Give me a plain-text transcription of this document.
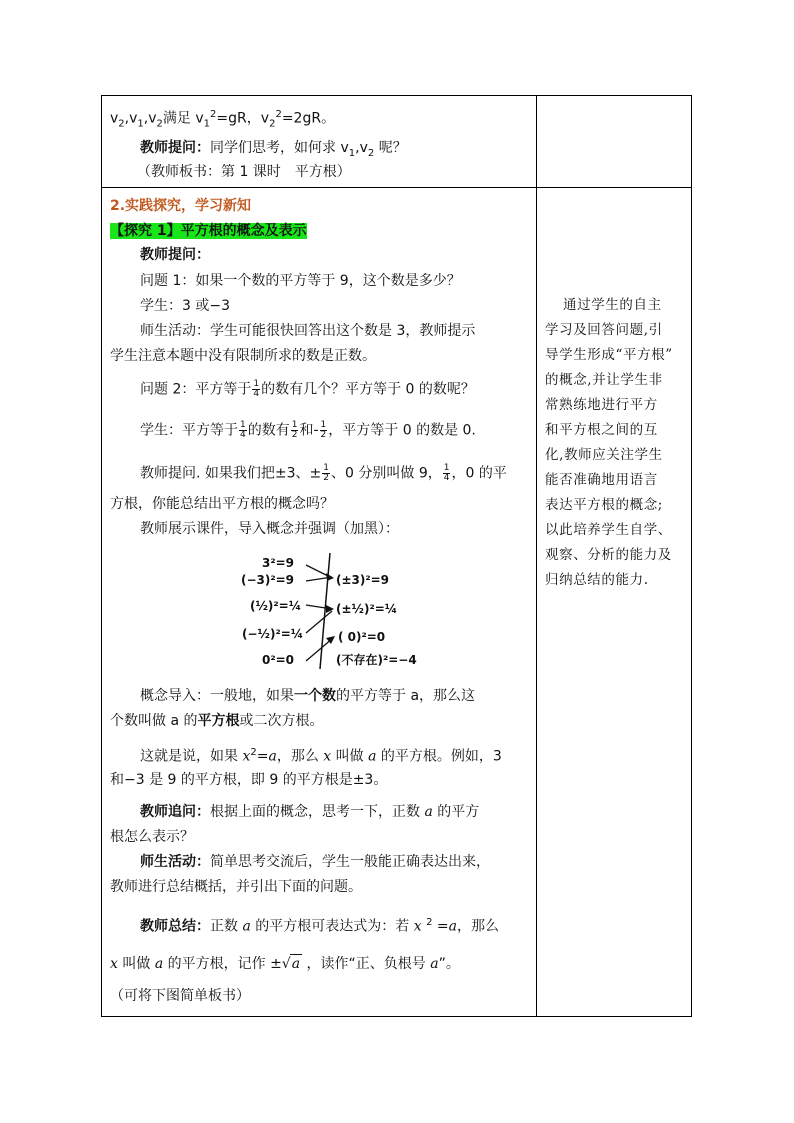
$v_2,v_1,v_2$满足 $v_1^2=gR$，$v_2^2=2gR$。
教师提问：同学们思考，如何求 $v_1,v_2$ 呢？
（教师板书：第 1 课时　平方根）
2.实践探究，学习新知
【探究 1】平方根的概念及表示
教师提问：
问题 1：如果一个数的平方等于 9，这个数是多少？
学生：3 或−3
师生活动：学生可能很快回答出这个数是 3，教师提示
学生注意本题中没有限制所求的数是正数。
问题 2：平方等于 $\frac{1}{4}$ 的数有几个？平方等于 0 的数呢？
学生：平方等于 $\frac{1}{4}$ 的数有 $\frac{1}{2}$ 和- $\frac{1}{2}$ ，平方等于 0 的数是 0.
教师提问. 如果我们把±3、± $\frac{1}{2}$ 、0 分别叫做 9， $\frac{1}{4}$ ，0 的平
方根，你能总结出平方根的概念吗？
教师展示课件，导入概念并强调（加黑）：
3²=9
(−3)²=9
(½)²=¼
(−½)²=¼
0²=0
(±3)²=9
(±½)²=¼
( 0)²=0
(不存在)²=−4
概念导入：一般地，如果一个数的平方等于 a，那么这
个数叫做 a 的平方根或二次方根。
这就是说，如果 $x^2=a$，那么 x 叫做 a 的平方根。例如，3
和−3 是 9 的平方根，即 9 的平方根是±3。
教师追问：根据上面的概念，思考一下，正数 a 的平方
根怎么表示？
师生活动：简单思考交流后，学生一般能正确表达出来，
教师进行总结概括，并引出下面的问题。
教师总结：正数 a 的平方根可表达式为：若 x $^2$ =a，那么
x 叫做 a 的平方根，记作 ±√a ，读作“正、负根号 a”。
（可将下图简单板书）
通过学生的自主
学习及回答问题,引
导学生形成“平方根”
的概念,并让学生非
常熟练地进行平方
和平方根之间的互
化,教师应关注学生
能否准确地用语言
表达平方根的概念;
以此培养学生自学、
观察、分析的能力及
归纳总结的能力.
